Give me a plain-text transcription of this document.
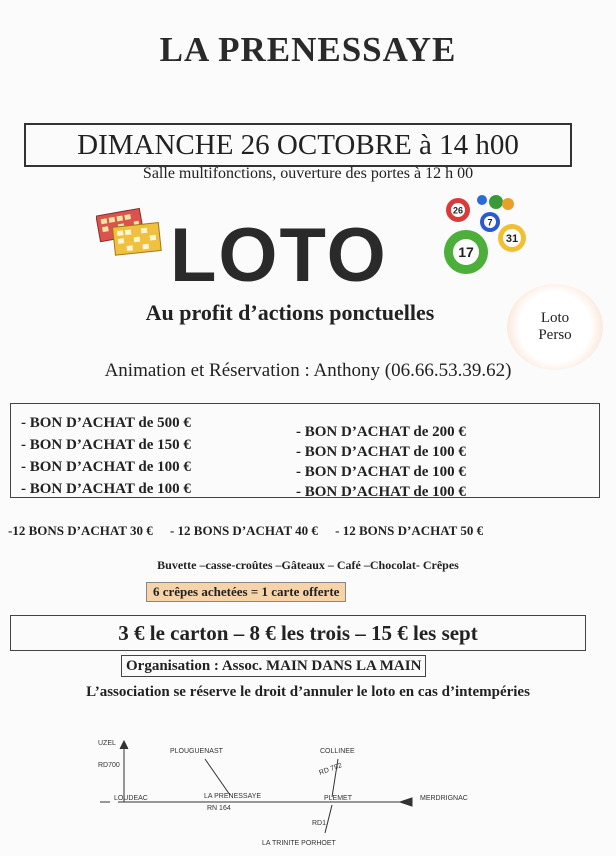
LA PRENESSAYE
DIMANCHE 26 OCTOBRE à 14 h00
Salle multifonctions, ouverture des portes à 12 h 00
LOTO
26
7
31
17
Au profit d’actions ponctuelles	Loto
Perso
Animation et Réservation : Anthony (06.66.53.39.62)
- BON D’ACHAT de 500 €
- BON D’ACHAT de 150 €
- BON D’ACHAT de 100 €
- BON D’ACHAT de 100 €
- BON D’ACHAT de 200 €
- BON D’ACHAT de 100 €
- BON D’ACHAT de 100 €
- BON D’ACHAT de 100 €
-12 BONS D’ACHAT 30 € - 12 BONS D’ACHAT 40 € - 12 BONS D’ACHAT 50 €
Buvette –casse-croûtes –Gâteaux – Café –Chocolat- Crêpes
6 crêpes achetées = 1 carte offerte
3 € le carton – 8 € les trois – 15 € les sept
Organisation : Assoc. MAIN DANS LA MAIN
L’association se réserve le droit d’annuler le loto en cas d’intempéries
UZEL
RD700
PLOUGUENAST	COLLINEE
RD 792
LOUDEAC	LA PRENESSAYE
RN 164
PLEMET	MERDRIGNAC
RD1
LA TRINITE PORHOET
